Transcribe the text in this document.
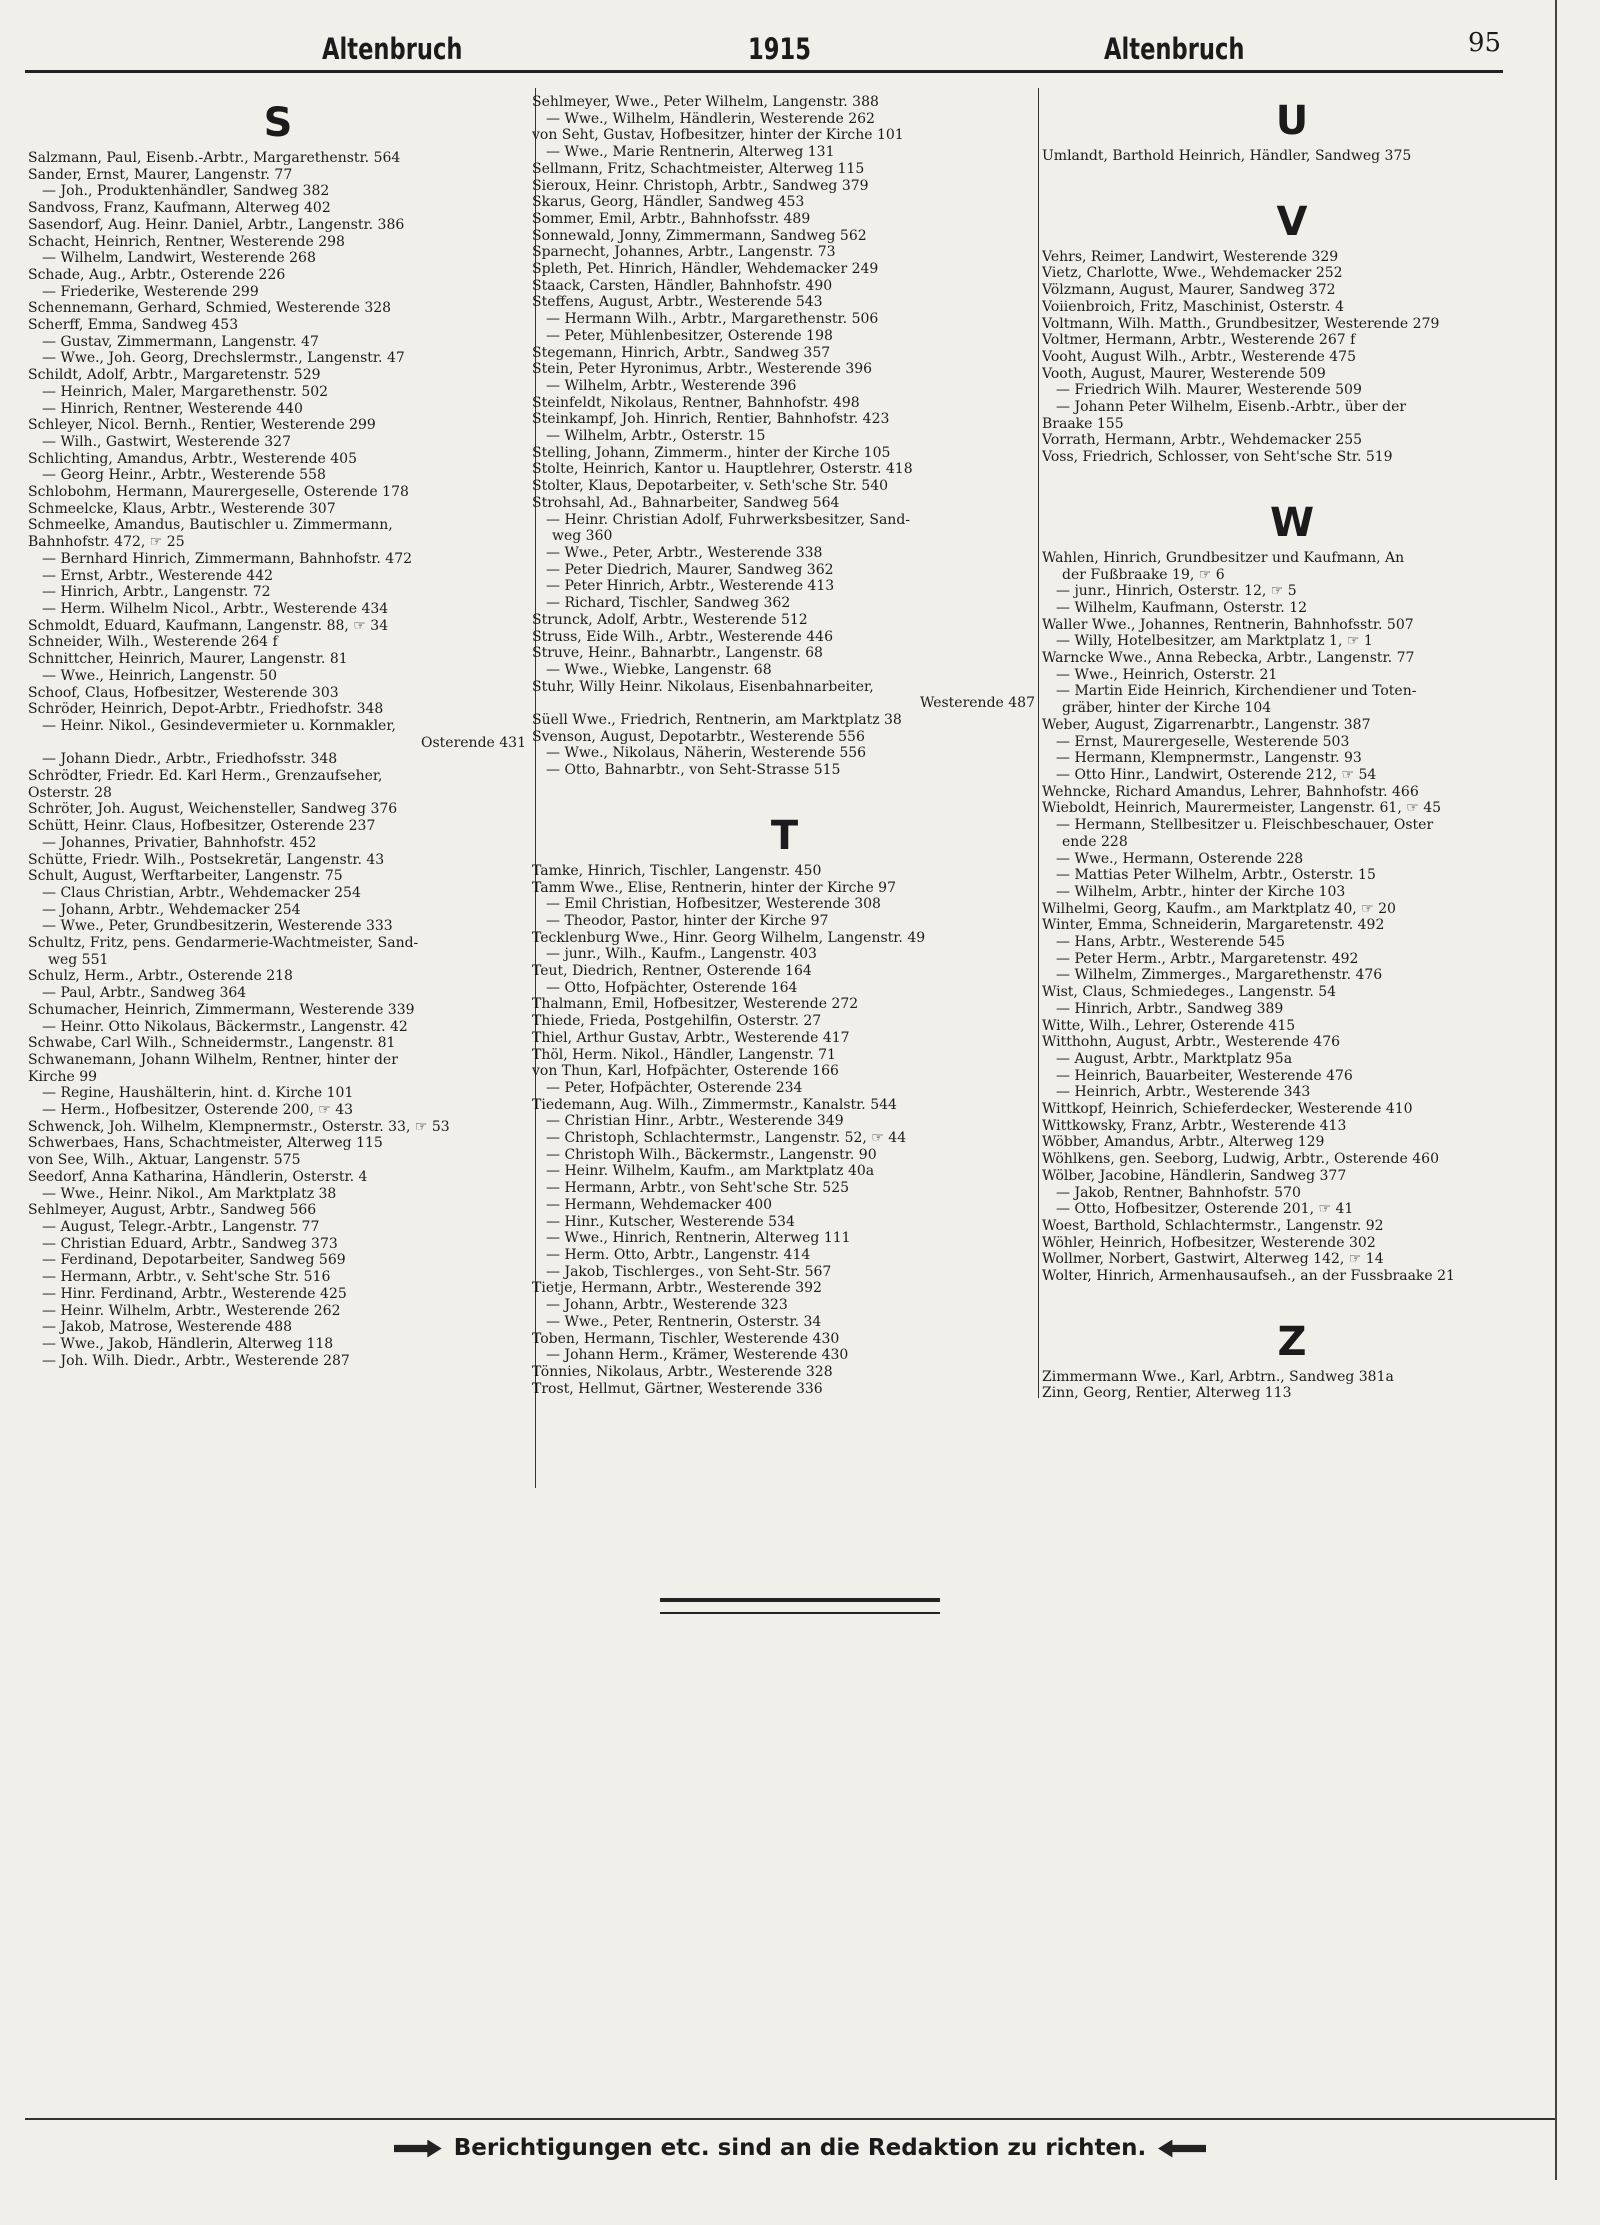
Altenbruch	1915	Altenbruch	95
S
Salzmann, Paul, Eisenb.-Arbtr., Margarethenstr. 564
Sander, Ernst, Maurer, Langenstr. 77
— Joh., Produktenhändler, Sandweg 382
Sandvoss, Franz, Kaufmann, Alterweg 402
Sasendorf, Aug. Heinr. Daniel, Arbtr., Langenstr. 386
Schacht, Heinrich, Rentner, Westerende 298
— Wilhelm, Landwirt, Westerende 268
Schade, Aug., Arbtr., Osterende 226
— Friederike, Westerende 299
Schennemann, Gerhard, Schmied, Westerende 328
Scherff, Emma, Sandweg 453
— Gustav, Zimmermann, Langenstr. 47
— Wwe., Joh. Georg, Drechslermstr., Langenstr. 47
Schildt, Adolf, Arbtr., Margaretenstr. 529
— Heinrich, Maler, Margarethenstr. 502
— Hinrich, Rentner, Westerende 440
Schleyer, Nicol. Bernh., Rentier, Westerende 299
— Wilh., Gastwirt, Westerende 327
Schlichting, Amandus, Arbtr., Westerende 405
— Georg Heinr., Arbtr., Westerende 558
Schlobohm, Hermann, Maurergeselle, Osterende 178
Schmeelcke, Klaus, Arbtr., Westerende 307
Schmeelke, Amandus, Bautischler u. Zimmermann,
Bahnhofstr. 472, ☞ 25
— Bernhard Hinrich, Zimmermann, Bahnhofstr. 472
— Ernst, Arbtr., Westerende 442
— Hinrich, Arbtr., Langenstr. 72
— Herm. Wilhelm Nicol., Arbtr., Westerende 434
Schmoldt, Eduard, Kaufmann, Langenstr. 88, ☞ 34
Schneider, Wilh., Westerende 264 f
Schnittcher, Heinrich, Maurer, Langenstr. 81
— Wwe., Heinrich, Langenstr. 50
Schoof, Claus, Hofbesitzer, Westerende 303
Schröder, Heinrich, Depot-Arbtr., Friedhofstr. 348
— Heinr. Nikol., Gesindevermieter u. Kornmakler,
Osterende 431
— Johann Diedr., Arbtr., Friedhofsstr. 348
Schrödter, Friedr. Ed. Karl Herm., Grenzaufseher,
Osterstr. 28
Schröter, Joh. August, Weichensteller, Sandweg 376
Schütt, Heinr. Claus, Hofbesitzer, Osterende 237
— Johannes, Privatier, Bahnhofstr. 452
Schütte, Friedr. Wilh., Postsekretär, Langenstr. 43
Schult, August, Werftarbeiter, Langenstr. 75
— Claus Christian, Arbtr., Wehdemacker 254
— Johann, Arbtr., Wehdemacker 254
— Wwe., Peter, Grundbesitzerin, Westerende 333
Schultz, Fritz, pens. Gendarmerie-Wachtmeister, Sand-
weg 551
Schulz, Herm., Arbtr., Osterende 218
— Paul, Arbtr., Sandweg 364
Schumacher, Heinrich, Zimmermann, Westerende 339
— Heinr. Otto Nikolaus, Bäckermstr., Langenstr. 42
Schwabe, Carl Wilh., Schneidermstr., Langenstr. 81
Schwanemann, Johann Wilhelm, Rentner, hinter der
Kirche 99
— Regine, Haushälterin, hint. d. Kirche 101
— Herm., Hofbesitzer, Osterende 200, ☞ 43
Schwenck, Joh. Wilhelm, Klempnermstr., Osterstr. 33, ☞ 53
Schwerbaes, Hans, Schachtmeister, Alterweg 115
von See, Wilh., Aktuar, Langenstr. 575
Seedorf, Anna Katharina, Händlerin, Osterstr. 4
— Wwe., Heinr. Nikol., Am Marktplatz 38
Sehlmeyer, August, Arbtr., Sandweg 566
— August, Telegr.-Arbtr., Langenstr. 77
— Christian Eduard, Arbtr., Sandweg 373
— Ferdinand, Depotarbeiter, Sandweg 569
— Hermann, Arbtr., v. Seht'sche Str. 516
— Hinr. Ferdinand, Arbtr., Westerende 425
— Heinr. Wilhelm, Arbtr., Westerende 262
— Jakob, Matrose, Westerende 488
— Wwe., Jakob, Händlerin, Alterweg 118
— Joh. Wilh. Diedr., Arbtr., Westerende 287
Sehlmeyer, Wwe., Peter Wilhelm, Langenstr. 388
— Wwe., Wilhelm, Händlerin, Westerende 262
von Seht, Gustav, Hofbesitzer, hinter der Kirche 101
— Wwe., Marie Rentnerin, Alterweg 131
Sellmann, Fritz, Schachtmeister, Alterweg 115
Sieroux, Heinr. Christoph, Arbtr., Sandweg 379
Skarus, Georg, Händler, Sandweg 453
Sommer, Emil, Arbtr., Bahnhofsstr. 489
Sonnewald, Jonny, Zimmermann, Sandweg 562
Sparnecht, Johannes, Arbtr., Langenstr. 73
Spleth, Pet. Hinrich, Händler, Wehdemacker 249
Staack, Carsten, Händler, Bahnhofstr. 490
Steffens, August, Arbtr., Westerende 543
— Hermann Wilh., Arbtr., Margarethenstr. 506
— Peter, Mühlenbesitzer, Osterende 198
Stegemann, Hinrich, Arbtr., Sandweg 357
Stein, Peter Hyronimus, Arbtr., Westerende 396
— Wilhelm, Arbtr., Westerende 396
Steinfeldt, Nikolaus, Rentner, Bahnhofstr. 498
Steinkampf, Joh. Hinrich, Rentier, Bahnhofstr. 423
— Wilhelm, Arbtr., Osterstr. 15
Stelling, Johann, Zimmerm., hinter der Kirche 105
Stolte, Heinrich, Kantor u. Hauptlehrer, Osterstr. 418
Stolter, Klaus, Depotarbeiter, v. Seth'sche Str. 540
Strohsahl, Ad., Bahnarbeiter, Sandweg 564
— Heinr. Christian Adolf, Fuhrwerksbesitzer, Sand-
weg 360
— Wwe., Peter, Arbtr., Westerende 338
— Peter Diedrich, Maurer, Sandweg 362
— Peter Hinrich, Arbtr., Westerende 413
— Richard, Tischler, Sandweg 362
Strunck, Adolf, Arbtr., Westerende 512
Struss, Eide Wilh., Arbtr., Westerende 446
Struve, Heinr., Bahnarbtr., Langenstr. 68
— Wwe., Wiebke, Langenstr. 68
Stuhr, Willy Heinr. Nikolaus, Eisenbahnarbeiter,
Westerende 487
Süell Wwe., Friedrich, Rentnerin, am Marktplatz 38
Svenson, August, Depotarbtr., Westerende 556
— Wwe., Nikolaus, Näherin, Westerende 556
— Otto, Bahnarbtr., von Seht-Strasse 515
T
Tamke, Hinrich, Tischler, Langenstr. 450
Tamm Wwe., Elise, Rentnerin, hinter der Kirche 97
— Emil Christian, Hofbesitzer, Westerende 308
— Theodor, Pastor, hinter der Kirche 97
Tecklenburg Wwe., Hinr. Georg Wilhelm, Langenstr. 49
— junr., Wilh., Kaufm., Langenstr. 403
Teut, Diedrich, Rentner, Osterende 164
— Otto, Hofpächter, Osterende 164
Thalmann, Emil, Hofbesitzer, Westerende 272
Thiede, Frieda, Postgehilfin, Osterstr. 27
Thiel, Arthur Gustav, Arbtr., Westerende 417
Thöl, Herm. Nikol., Händler, Langenstr. 71
von Thun, Karl, Hofpächter, Osterende 166
— Peter, Hofpächter, Osterende 234
Tiedemann, Aug. Wilh., Zimmermstr., Kanalstr. 544
— Christian Hinr., Arbtr., Westerende 349
— Christoph, Schlachtermstr., Langenstr. 52, ☞ 44
— Christoph Wilh., Bäckermstr., Langenstr. 90
— Heinr. Wilhelm, Kaufm., am Marktplatz 40a
— Hermann, Arbtr., von Seht'sche Str. 525
— Hermann, Wehdemacker 400
— Hinr., Kutscher, Westerende 534
— Wwe., Hinrich, Rentnerin, Alterweg 111
— Herm. Otto, Arbtr., Langenstr. 414
— Jakob, Tischlerges., von Seht-Str. 567
Tietje, Hermann, Arbtr., Westerende 392
— Johann, Arbtr., Westerende 323
— Wwe., Peter, Rentnerin, Osterstr. 34
Toben, Hermann, Tischler, Westerende 430
— Johann Herm., Krämer, Westerende 430
Tönnies, Nikolaus, Arbtr., Westerende 328
Trost, Hellmut, Gärtner, Westerende 336
U
Umlandt, Barthold Heinrich, Händler, Sandweg 375
V
Vehrs, Reimer, Landwirt, Westerende 329
Vietz, Charlotte, Wwe., Wehdemacker 252
Völzmann, August, Maurer, Sandweg 372
Voiienbroich, Fritz, Maschinist, Osterstr. 4
Voltmann, Wilh. Matth., Grundbesitzer, Westerende 279
Voltmer, Hermann, Arbtr., Westerende 267 f
Vooht, August Wilh., Arbtr., Westerende 475
Vooth, August, Maurer, Westerende 509
— Friedrich Wilh. Maurer, Westerende 509
— Johann Peter Wilhelm, Eisenb.-Arbtr., über der
Braake 155
Vorrath, Hermann, Arbtr., Wehdemacker 255
Voss, Friedrich, Schlosser, von Seht'sche Str. 519
W
Wahlen, Hinrich, Grundbesitzer und Kaufmann, An
der Fußbraake 19, ☞ 6
— junr., Hinrich, Osterstr. 12, ☞ 5
— Wilhelm, Kaufmann, Osterstr. 12
Waller Wwe., Johannes, Rentnerin, Bahnhofsstr. 507
— Willy, Hotelbesitzer, am Marktplatz 1, ☞ 1
Warncke Wwe., Anna Rebecka, Arbtr., Langenstr. 77
— Wwe., Heinrich, Osterstr. 21
— Martin Eide Heinrich, Kirchendiener und Toten-
gräber, hinter der Kirche 104
Weber, August, Zigarrenarbtr., Langenstr. 387
— Ernst, Maurergeselle, Westerende 503
— Hermann, Klempnermstr., Langenstr. 93
— Otto Hinr., Landwirt, Osterende 212, ☞ 54
Wehncke, Richard Amandus, Lehrer, Bahnhofstr. 466
Wieboldt, Heinrich, Maurermeister, Langenstr. 61, ☞ 45
— Hermann, Stellbesitzer u. Fleischbeschauer, Oster
ende 228
— Wwe., Hermann, Osterende 228
— Mattias Peter Wilhelm, Arbtr., Osterstr. 15
— Wilhelm, Arbtr., hinter der Kirche 103
Wilhelmi, Georg, Kaufm., am Marktplatz 40, ☞ 20
Winter, Emma, Schneiderin, Margaretenstr. 492
— Hans, Arbtr., Westerende 545
— Peter Herm., Arbtr., Margaretenstr. 492
— Wilhelm, Zimmerges., Margarethenstr. 476
Wist, Claus, Schmiedeges., Langenstr. 54
— Hinrich, Arbtr., Sandweg 389
Witte, Wilh., Lehrer, Osterende 415
Witthohn, August, Arbtr., Westerende 476
— August, Arbtr., Marktplatz 95a
— Heinrich, Bauarbeiter, Westerende 476
— Heinrich, Arbtr., Westerende 343
Wittkopf, Heinrich, Schieferdecker, Westerende 410
Wittkowsky, Franz, Arbtr., Westerende 413
Wöbber, Amandus, Arbtr., Alterweg 129
Wöhlkens, gen. Seeborg, Ludwig, Arbtr., Osterende 460
Wölber, Jacobine, Händlerin, Sandweg 377
— Jakob, Rentner, Bahnhofstr. 570
— Otto, Hofbesitzer, Osterende 201, ☞ 41
Woest, Barthold, Schlachtermstr., Langenstr. 92
Wöhler, Heinrich, Hofbesitzer, Westerende 302
Wollmer, Norbert, Gastwirt, Alterweg 142, ☞ 14
Wolter, Hinrich, Armenhausaufseh., an der Fussbraake 21
Z
Zimmermann Wwe., Karl, Arbtrn., Sandweg 381a
Zinn, Georg, Rentier, Alterweg 113
Berichtigungen etc. sind an die Redaktion zu richten.
